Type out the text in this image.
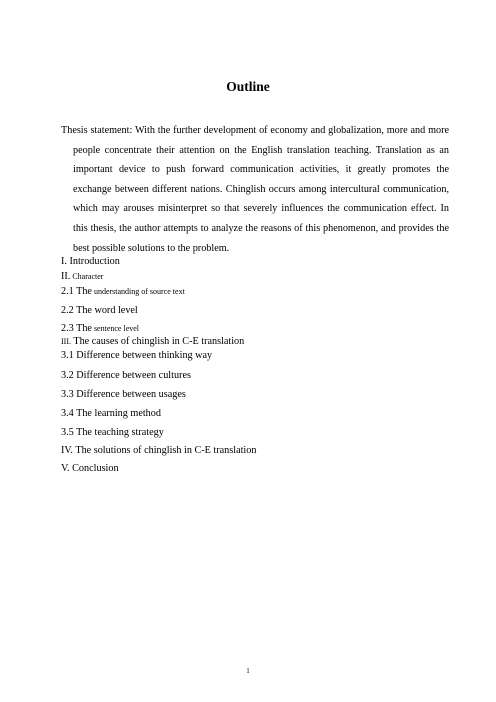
Outline
Thesis statement: With the further development of economy and globalization, more and more people concentrate their attention on the English translation teaching. Translation as an important device to push forward communication activities, it greatly promotes the exchange between different nations. Chinglish occurs among intercultural communication, which may arouses misinterpret so that severely influences the communication effect. In this thesis, the author attempts to analyze the reasons of this phenomenon, and provides the best possible solutions to the problem.
I. Introduction
II. Character
2.1 The understanding of source text
2.2 The word level
2.3 The sentence level
III. The causes of chinglish in C-E translation
3.1 Difference between thinking way
3.2 Difference between cultures
3.3 Difference between usages
3.4 The learning method
3.5 The teaching strategy
IV. The solutions of chinglish in C-E translation
V. Conclusion
1
